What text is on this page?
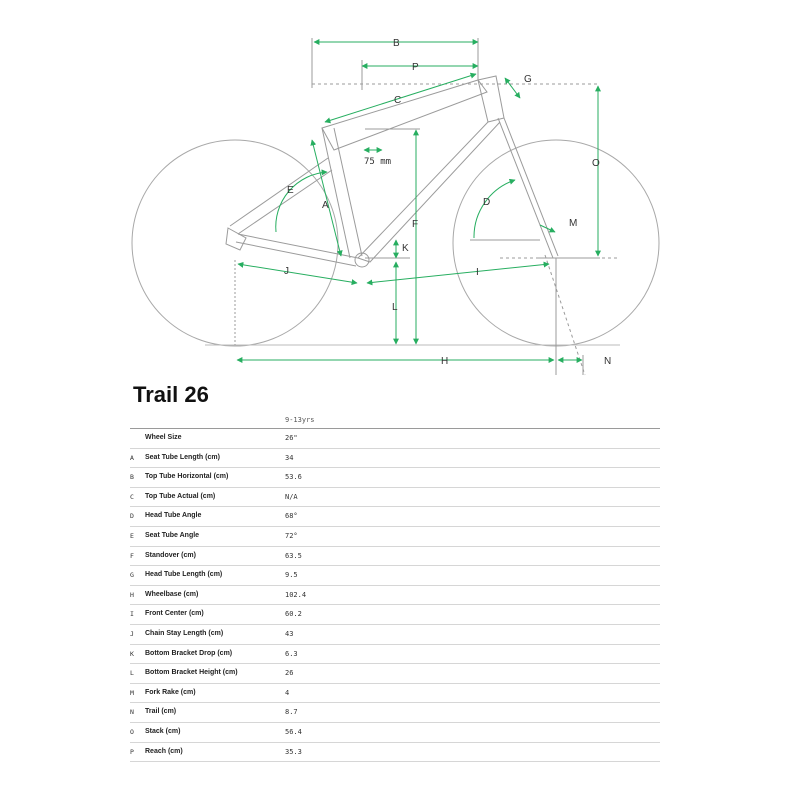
B
P
C
G
O
E
A
F
D
M
K
J	I
L
H	N
75 mm
Trail 26
9-13yrs
Wheel Size	26"
A	Seat Tube Length (cm)	34
B	Top Tube Horizontal (cm)	53.6
C	Top Tube Actual (cm)	N/A
D	Head Tube Angle	68°
E	Seat Tube Angle	72°
F	Standover (cm)	63.5
G	Head Tube Length (cm)	9.5
H	Wheelbase (cm)	102.4
I	Front Center (cm)	60.2
J	Chain Stay Length (cm)	43
K	Bottom Bracket Drop (cm)	6.3
L	Bottom Bracket Height (cm)	26
M	Fork Rake (cm)	4
N	Trail (cm)	8.7
O	Stack (cm)	56.4
P	Reach (cm)	35.3
